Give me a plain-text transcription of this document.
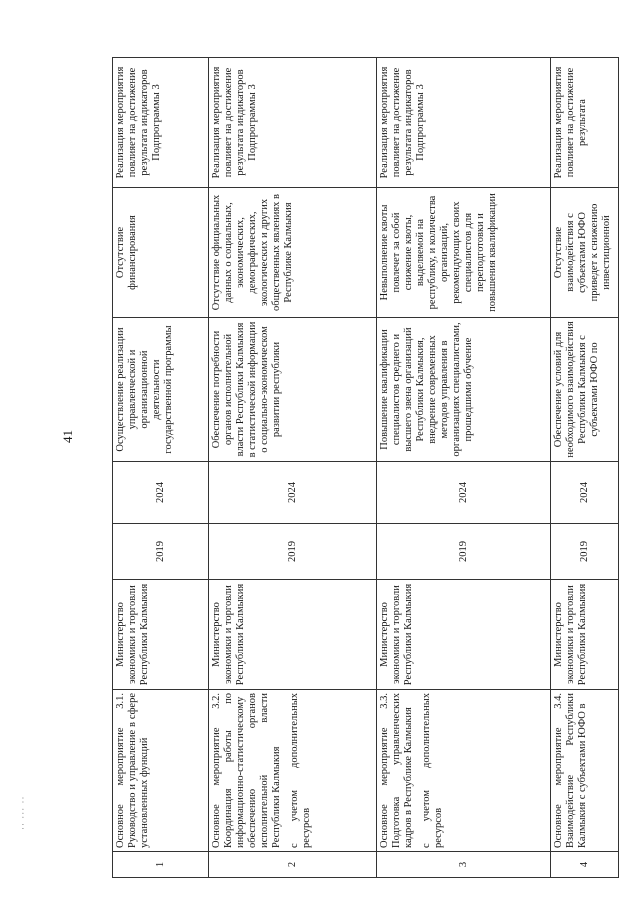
41
·· ··· ··
1	Основное мероприятие 3.1. Руководство и управление в сфере установленных функций	Министерство экономики и торговли Республики Калмыкия	2019	2024	Осуществление реализации управленческой и организационной деятельности государственной программы	Отсутствие финансирования	Реализация мероприятия повлияет на достижение результата индикаторов Подпрограммы 3

2	Основное мероприятие 3.2. Координация работы по информационно-статистическому обеспечению органов исполнительной власти Республики Калмыкия с учетом дополнительных ресурсов	Министерство экономики и торговли Республики Калмыкия	2019	2024	Обеспечение потребности органов исполнительной власти Республики Калмыкия в статистической информации о социально-экономическом развитии республики	Отсутствие официальных данных о социальных, экономических, демографических, экологических и других общественных явлениях в Республике Калмыкия	Реализация мероприятия повлияет на достижение результата индикаторов Подпрограммы 3

3	Основное мероприятие 3.3. Подготовка управленческих кадров в Республике Калмыкия с учетом дополнительных ресурсов	Министерство экономики и торговли Республики Калмыкия	2019	2024	Повышение квалификации специалистов среднего и высшего звена организаций Республики Калмыкия, внедрение современных методов управления в организациях специалистами, прошедшими обучение	Невыполнение квоты повлечет за собой снижение квоты, выделяемой на республику, и количества организаций, рекомендующих своих специалистов для переподготовки и повышения квалификации	Реализация мероприятия повлияет на достижение результата индикаторов Подпрограммы 3

4	Основное мероприятие 3.4. Взаимодействие Республики Калмыкия с субъектами ЮФО в	Министерство экономики и торговли Республики Калмыкия	2019	2024	Обеспечение условий для необходимого взаимодействия Республики Калмыкия с субъектами ЮФО по	Отсутствие взаимодействия с субъектами ЮФО приведет к снижению инвестиционной	Реализация мероприятия повлияет на достижение результата
